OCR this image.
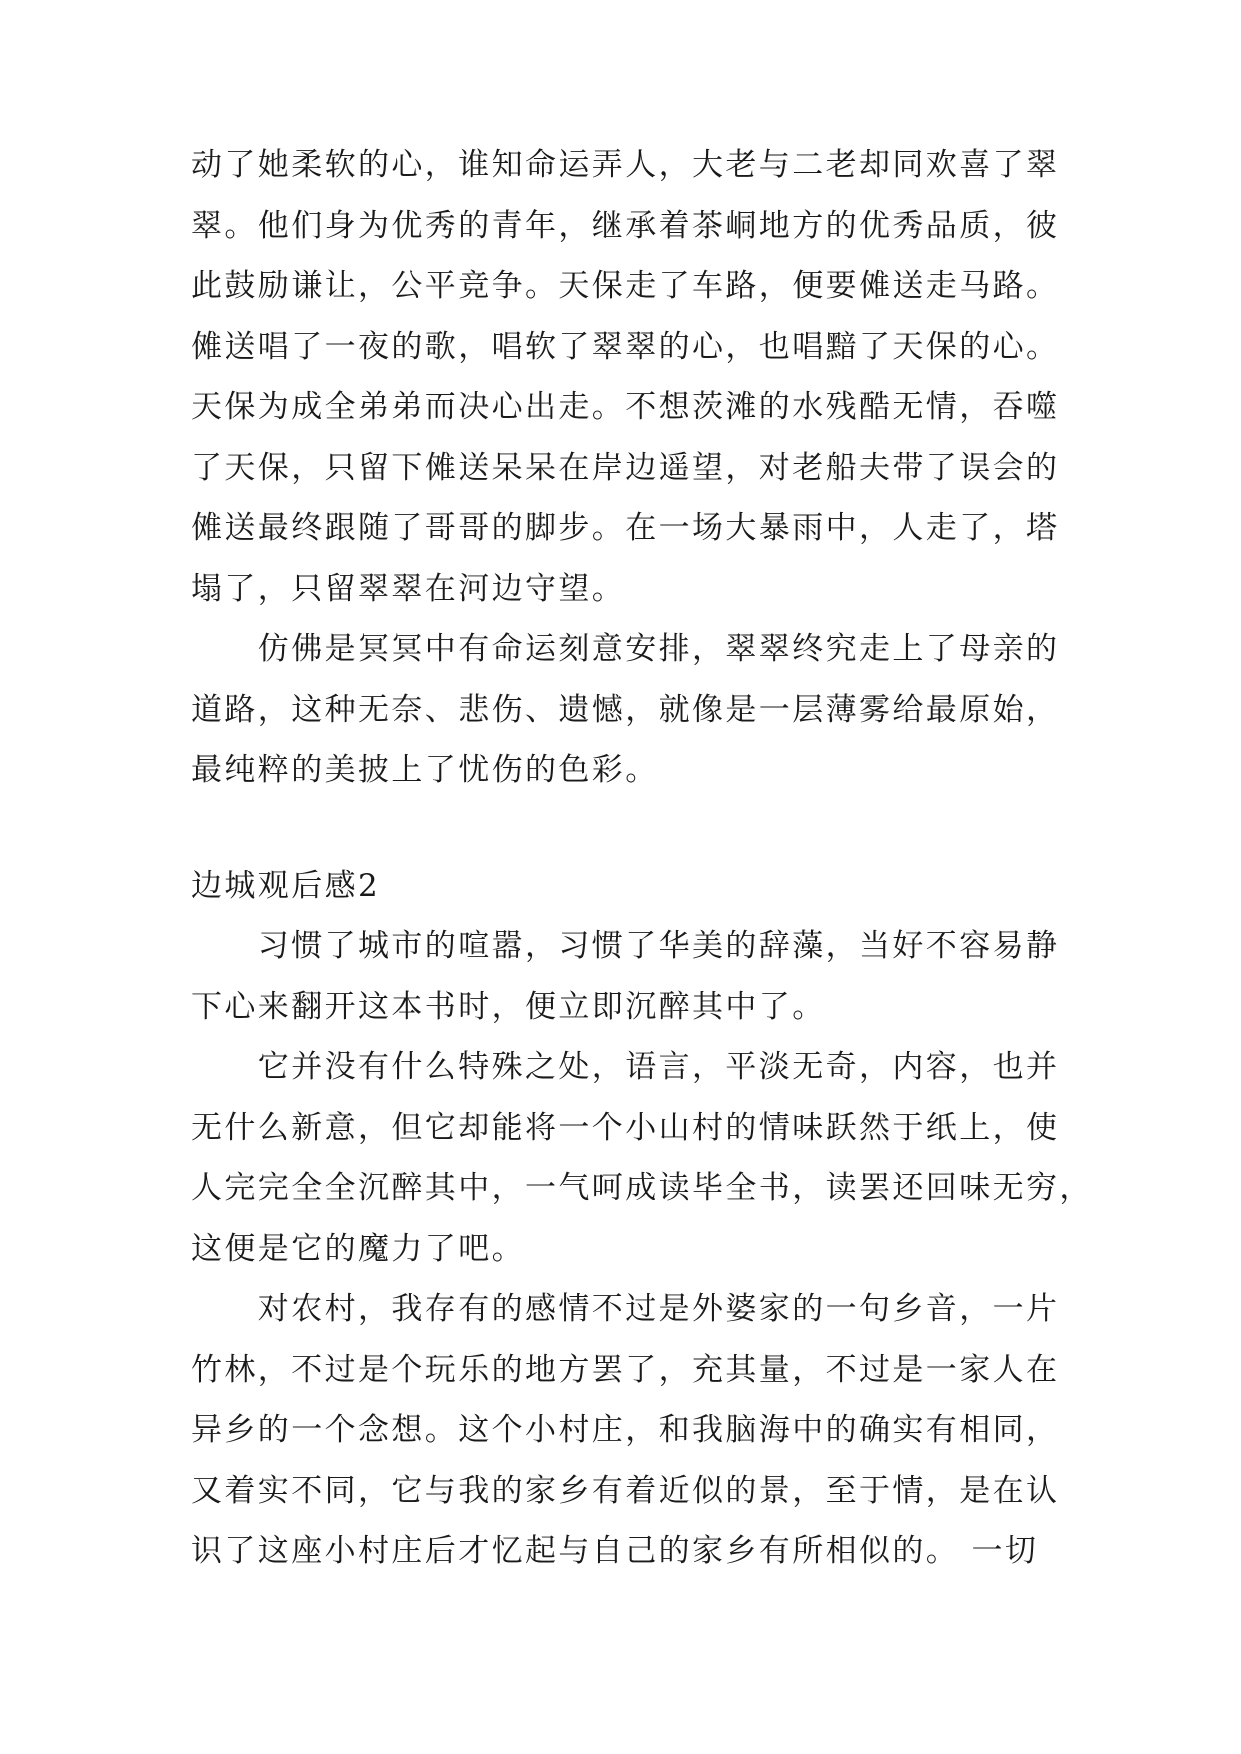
动了她柔软的心，谁知命运弄人，大老与二老却同欢喜了翠
翠。他们身为优秀的青年，继承着茶峒地方的优秀品质，彼
此鼓励谦让，公平竞争。天保走了车路，便要傩送走马路。
傩送唱了一夜的歌，唱软了翠翠的心，也唱黯了天保的心。
天保为成全弟弟而决心出走。不想茨滩的水残酷无情，吞噬
了天保，只留下傩送呆呆在岸边遥望，对老船夫带了误会的
傩送最终跟随了哥哥的脚步。在一场大暴雨中，人走了，塔
塌了，只留翠翠在河边守望。
　　仿佛是冥冥中有命运刻意安排，翠翠终究走上了母亲的
道路，这种无奈、悲伤、遗憾，就像是一层薄雾给最原始，
最纯粹的美披上了忧伤的色彩。
边城观后感2
　　习惯了城市的喧嚣，习惯了华美的辞藻，当好不容易静
下心来翻开这本书时，便立即沉醉其中了。
　　它并没有什么特殊之处，语言，平淡无奇，内容，也并
无什么新意，但它却能将一个小山村的情味跃然于纸上，使
人完完全全沉醉其中，一气呵成读毕全书，读罢还回味无穷，
这便是它的魔力了吧。
　　对农村，我存有的感情不过是外婆家的一句乡音，一片
竹林，不过是个玩乐的地方罢了，充其量，不过是一家人在
异乡的一个念想。这个小村庄，和我脑海中的确实有相同，
又着实不同，它与我的家乡有着近似的景，至于情，是在认
识了这座小村庄后才忆起与自己的家乡有所相似的。 一切
